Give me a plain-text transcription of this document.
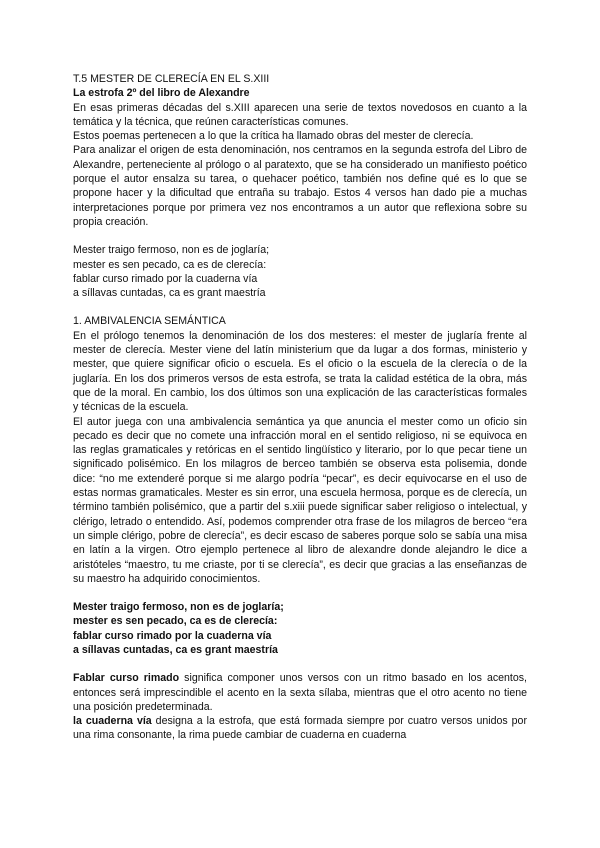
T.5 MESTER DE CLERECÍA EN EL S.XIII

La estrofa 2º del libro de Alexandre

En esas primeras décadas del s.XIII aparecen una serie de textos novedosos en cuanto a la temática y la técnica, que reúnen características comunes.

Estos poemas pertenecen a lo que la crítica ha llamado obras del mester de clerecía.

Para analizar el origen de esta denominación, nos centramos en la segunda estrofa del Libro de Alexandre, perteneciente al prólogo o al paratexto, que se ha considerado un manifiesto poético porque el autor ensalza su tarea, o quehacer poético, también nos define qué es lo que se propone hacer y la dificultad que entraña su trabajo. Estos 4 versos han dado pie a muchas interpretaciones porque por primera vez nos encontramos a un autor que reflexiona sobre su propia creación.

Mester traigo fermoso, non es de joglaría;

mester es sen pecado, ca es de clerecía:

fablar curso rimado por la cuaderna vía

a síllavas cuntadas, ca es grant maestría

1. AMBIVALENCIA SEMÁNTICA

En el prólogo tenemos la denominación de los dos mesteres: el mester de juglaría frente al mester de clerecía. Mester viene del latín ministerium que da lugar a dos formas, ministerio y mester, que quiere significar oficio o escuela. Es el oficio o la escuela de la clerecía o de la juglaría. En los dos primeros versos de esta estrofa, se trata la calidad estética de la obra, más que de la moral. En cambio, los dos últimos son una explicación de las características formales y técnicas de la escuela.

El autor juega con una ambivalencia semántica ya que anuncia el mester como un oficio sin pecado es decir que no comete una infracción moral en el sentido religioso, ni se equivoca en las reglas gramaticales y retóricas en el sentido lingüístico y literario, por lo que pecar tiene un significado polisémico. En los milagros de berceo también se observa esta polisemia, donde dice: “no me extenderé porque si me alargo podría “pecar”, es decir equivocarse en el uso de estas normas gramaticales. Mester es sin error, una escuela hermosa, porque es de clerecía, un término también polisémico, que a partir del s.xiii puede significar saber religioso o intelectual, y clérigo, letrado o entendido. Así, podemos comprender otra frase de los milagros de berceo “era un simple clérigo, pobre de clerecía”, es decir escaso de saberes porque solo se sabía una misa en latín a la virgen. Otro ejemplo pertenece al libro de alexandre donde alejandro le dice a aristóteles “maestro, tu me criaste, por ti se clerecía”, es decir que gracias a las enseñanzas de su maestro ha adquirido conocimientos.

Mester traigo fermoso, non es de joglaría;

mester es sen pecado, ca es de clerecía:

fablar curso rimado por la cuaderna vía

a síllavas cuntadas, ca es grant maestría

Fablar curso rimado significa componer unos versos con un ritmo basado en los acentos, entonces será imprescindible el acento en la sexta sílaba, mientras que el otro acento no tiene una posición predeterminada.

la cuaderna vía designa a la estrofa, que está formada siempre por cuatro versos unidos por una rima consonante, la rima puede cambiar de cuaderna en cuaderna
